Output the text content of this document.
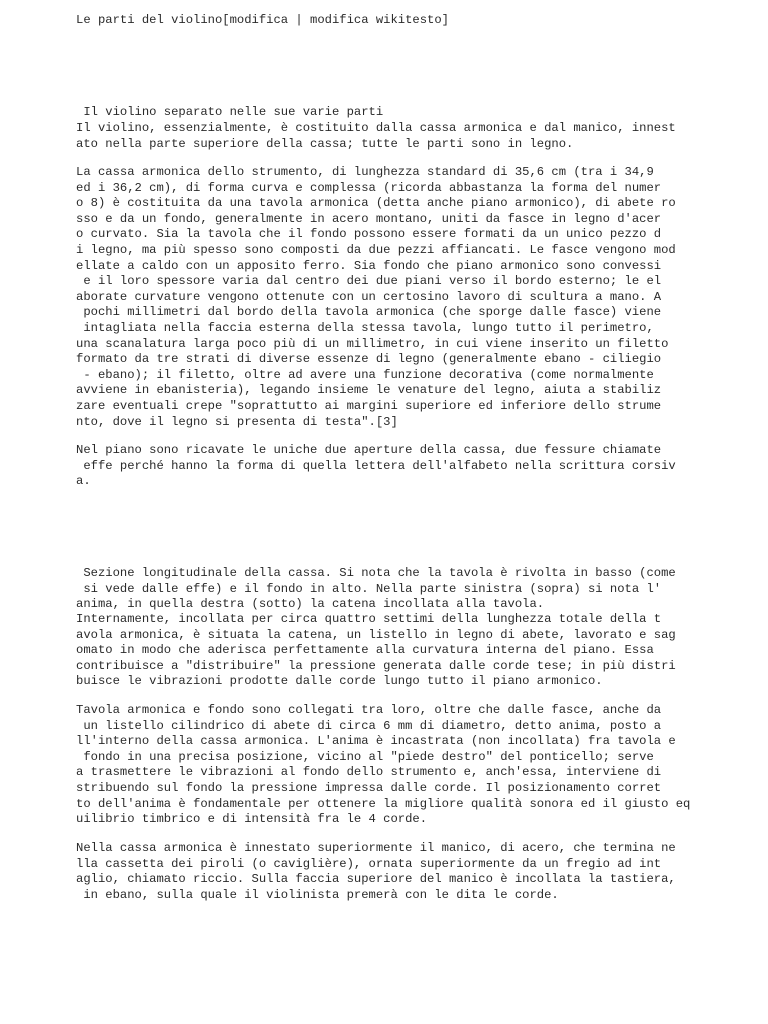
Le parti del violino[modifica | modifica wikitesto]

Il violino separato nelle sue varie parti

Il violino, essenzialmente, è costituito dalla cassa armonica e dal manico, innest
ato nella parte superiore della cassa; tutte le parti sono in legno.

La cassa armonica dello strumento, di lunghezza standard di 35,6 cm (tra i 34,9
ed i 36,2 cm), di forma curva e complessa (ricorda abbastanza la forma del numer
o 8) è costituita da una tavola armonica (detta anche piano armonico), di abete ro
sso e da un fondo, generalmente in acero montano, uniti da fasce in legno d'acer
o curvato. Sia la tavola che il fondo possono essere formati da un unico pezzo d
i legno, ma più spesso sono composti da due pezzi affiancati. Le fasce vengono mod
ellate a caldo con un apposito ferro. Sia fondo che piano armonico sono convessi
e il loro spessore varia dal centro dei due piani verso il bordo esterno; le el
aborate curvature vengono ottenute con un certosino lavoro di scultura a mano. A
pochi millimetri dal bordo della tavola armonica (che sporge dalle fasce) viene
intagliata nella faccia esterna della stessa tavola, lungo tutto il perimetro,
una scanalatura larga poco più di un millimetro, in cui viene inserito un filetto
formato da tre strati di diverse essenze di legno (generalmente ebano - ciliegio
- ebano); il filetto, oltre ad avere una funzione decorativa (come normalmente
avviene in ebanisteria), legando insieme le venature del legno, aiuta a stabiliz
zare eventuali crepe "soprattutto ai margini superiore ed inferiore dello strume
nto, dove il legno si presenta di testa".[3]

Nel piano sono ricavate le uniche due aperture della cassa, due fessure chiamate
effe perché hanno la forma di quella lettera dell'alfabeto nella scrittura corsiv
a.

Sezione longitudinale della cassa. Si nota che la tavola è rivolta in basso (come
si vede dalle effe) e il fondo in alto. Nella parte sinistra (sopra) si nota l'
anima, in quella destra (sotto) la catena incollata alla tavola.

Internamente, incollata per circa quattro settimi della lunghezza totale della t
avola armonica, è situata la catena, un listello in legno di abete, lavorato e sag
omato in modo che aderisca perfettamente alla curvatura interna del piano. Essa
contribuisce a "distribuire" la pressione generata dalle corde tese; in più distri
buisce le vibrazioni prodotte dalle corde lungo tutto il piano armonico.

Tavola armonica e fondo sono collegati tra loro, oltre che dalle fasce, anche da
un listello cilindrico di abete di circa 6 mm di diametro, detto anima, posto a
ll'interno della cassa armonica. L'anima è incastrata (non incollata) fra tavola e
fondo in una precisa posizione, vicino al "piede destro" del ponticello; serve
a trasmettere le vibrazioni al fondo dello strumento e, anch'essa, interviene di
stribuendo sul fondo la pressione impressa dalle corde. Il posizionamento corret
to dell'anima è fondamentale per ottenere la migliore qualità sonora ed il giusto eq
uilibrio timbrico e di intensità fra le 4 corde.

Nella cassa armonica è innestato superiormente il manico, di acero, che termina ne
lla cassetta dei piroli (o caviglière), ornata superiormente da un fregio ad int
aglio, chiamato riccio. Sulla faccia superiore del manico è incollata la tastiera,
in ebano, sulla quale il violinista premerà con le dita le corde.
